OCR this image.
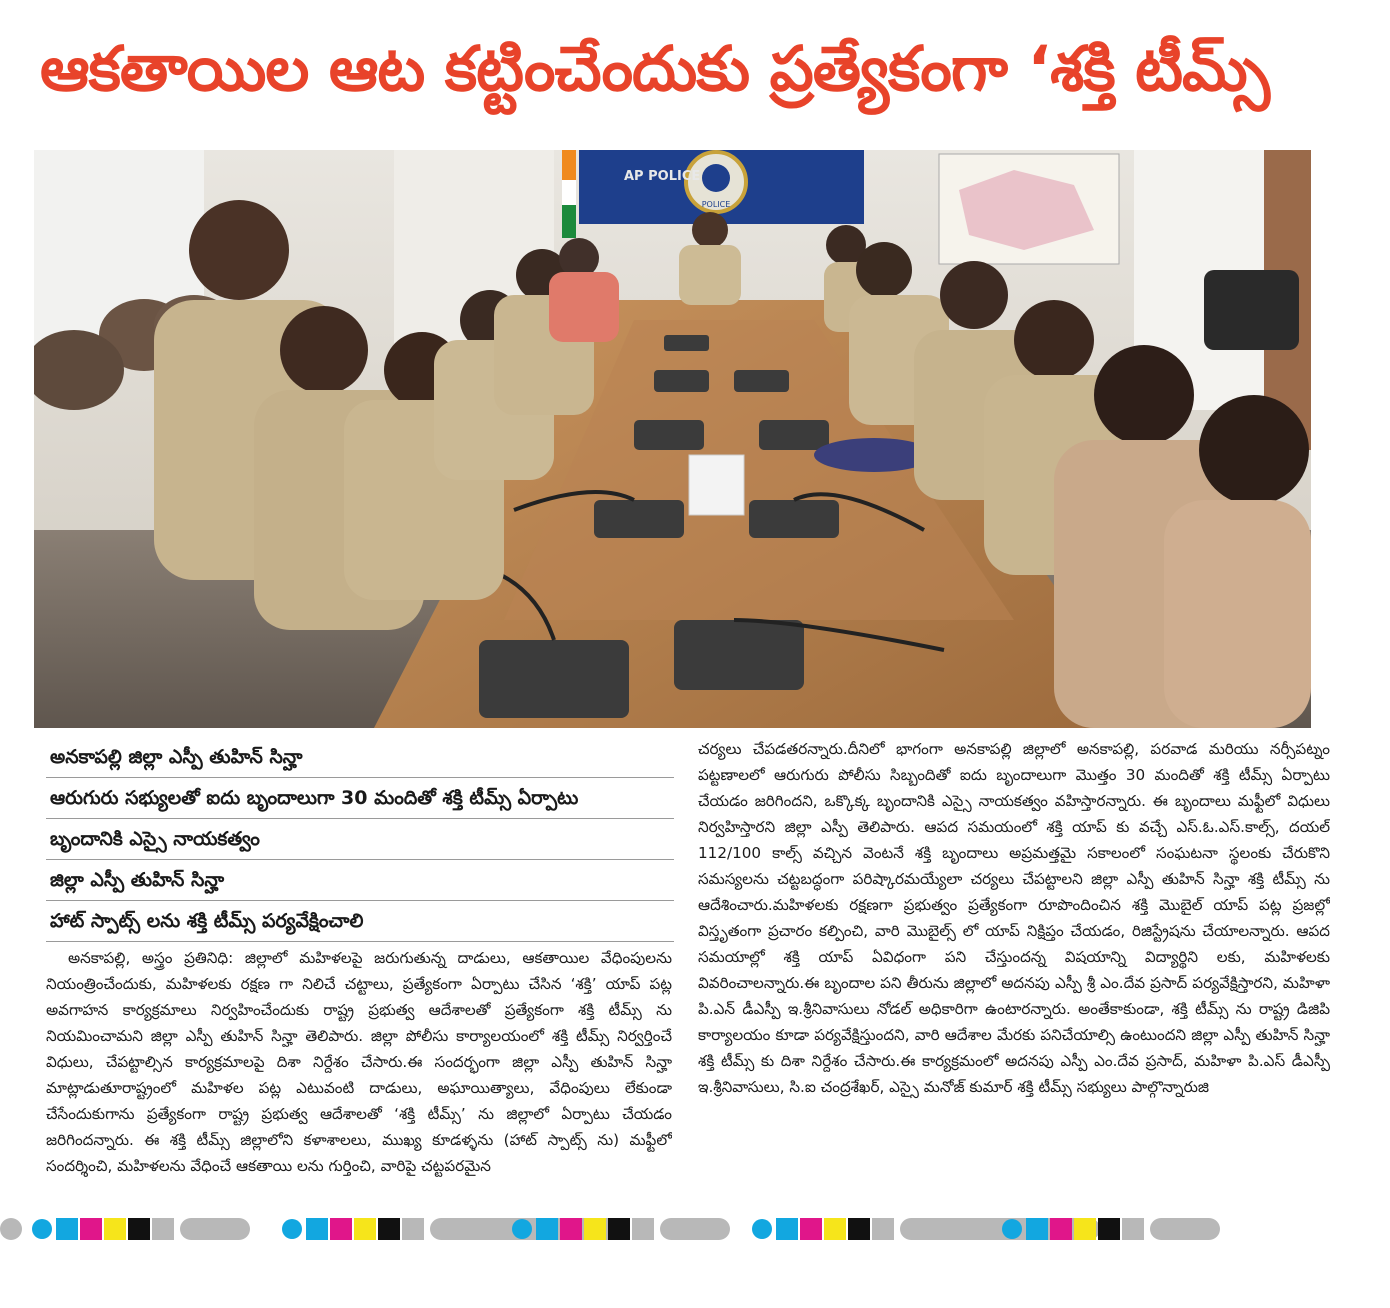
ఆకతాయిల ఆట కట్టించేందుకు ప్రత్యేకంగా ‘శక్తి టీమ్స్
POLICE
AP POLICE
అనకాపల్లి జిల్లా ఎస్పీ తుహిన్ సిన్హా
ఆరుగురు సభ్యులతో ఐదు బృందాలుగా 30 మందితో శక్తి టీమ్స్ ఏర్పాటు
బృందానికి ఎస్సై నాయకత్వం
జిల్లా ఎస్పీ తుహిన్ సిన్హా
హాట్ స్పాట్స్ లను శక్తి టీమ్స్ పర్యవేక్షించాలి
అనకాపల్లి, అస్త్రం ప్రతినిధి: జిల్లాలో మహిళలపై జరుగుతున్న దాడులు, ఆకతాయిల వేధింపులను నియంత్రించేందుకు, మహిళలకు రక్షణ గా నిలిచే చట్టాలు, ప్రత్యేకంగా ఏర్పాటు చేసిన ‘శక్తి’ యాప్ పట్ల అవగాహన కార్యక్రమాలు నిర్వహించేందుకు రాష్ట్ర ప్రభుత్వ ఆదేశాలతో ప్రత్యేకంగా శక్తి టీమ్స్ ను నియమించామని జిల్లా ఎస్పీ తుహిన్ సిన్హా తెలిపారు. జిల్లా పోలీసు కార్యాలయంలో శక్తి టీమ్స్ నిర్వర్తించే విధులు, చేపట్టాల్సిన కార్యక్రమాలపై దిశా నిర్దేశం చేసారు.ఈ సందర్భంగా జిల్లా ఎస్పీ తుహిన్ సిన్హా మాట్లాడుతూరాష్ట్రంలో మహిళల పట్ల ఎటువంటి దాడులు, అఘాయిత్యాలు, వేధింపులు లేకుండా చేసేందుకుగాను ప్రత్యేకంగా రాష్ట్ర ప్రభుత్వ ఆదేశాలతో ‘శక్తి టీమ్స్’ ను జిల్లాలో ఏర్పాటు చేయడం జరిగిందన్నారు. ఈ శక్తి టీమ్స్ జిల్లాలోని కళాశాలలు, ముఖ్య కూడళ్ళను (హాట్ స్పాట్స్ ను) మఫ్టీలో సందర్శించి, మహిళలను వేధించే ఆకతాయి లను గుర్తించి, వారిపై చట్టపరమైన
చర్యలు చేపడతరన్నారు.దీనిలో భాగంగా అనకాపల్లి జిల్లాలో అనకాపల్లి, పరవాడ మరియు నర్సీపట్నం పట్టణాలలో ఆరుగురు పోలీసు సిబ్బందితో ఐదు బృందాలుగా మొత్తం 30 మందితో శక్తి టీమ్స్ ఏర్పాటు చేయడం జరిగిందని, ఒక్కొక్క బృందానికి ఎస్సై నాయకత్వం వహిస్తారన్నారు. ఈ బృందాలు మఫ్టీలో విధులు నిర్వహిస్తారని జిల్లా ఎస్పీ తెలిపారు. ఆపద సమయంలో శక్తి యాప్ కు వచ్చే ఎస్.ఓ.ఎస్.కాల్స్, దయల్ 112/100 కాల్స్ వచ్చిన వెంటనే శక్తి బృందాలు అప్రమత్తమై సకాలంలో సంఘటనా స్థలంకు చేరుకొని సమస్యలను చట్టబద్ధంగా పరిష్కారమయ్యేలా చర్యలు చేపట్టాలని జిల్లా ఎస్పీ తుహిన్ సిన్హా శక్తి టీమ్స్ ను ఆదేశించారు.మహిళలకు రక్షణగా ప్రభుత్వం ప్రత్యేకంగా రూపొందించిన శక్తి మొబైల్ యాప్ పట్ల ప్రజల్లో విస్తృతంగా ప్రచారం కల్పించి, వారి మొబైల్స్ లో యాప్ నిక్షిప్తం చేయడం, రిజిస్ట్రేషను చేయాలన్నారు. ఆపద సమయాల్లో శక్తి యాప్ ఏవిధంగా పని చేస్తుందన్న విషయాన్ని విద్యార్థిని లకు, మహిళలకు వివరించాలన్నారు.ఈ బృందాల పని తీరును జిల్లాలో అదనపు ఎస్పీ శ్రీ ఎం.దేవ ప్రసాద్ పర్యవేక్షిస్తారని, మహిళా పి.ఎన్ డీఎస్పీ ఇ.శ్రీనివాసులు నోడల్ అధికారిగా ఉంటారన్నారు. అంతేకాకుండా, శక్తి టీమ్స్ ను రాష్ట్ర డిజిపి కార్యాలయం కూడా పర్యవేక్షిస్తుందని, వారి ఆదేశాల మేరకు పనిచేయాల్సి ఉంటుందని జిల్లా ఎస్పీ తుహిన్ సిన్హా శక్తి టీమ్స్ కు దిశా నిర్దేశం చేసారు.ఈ కార్యక్రమంలో అదనపు ఎస్పీ ఎం.దేవ ప్రసాద్, మహిళా పి.ఎస్ డీఎస్పీ ఇ.శ్రీనివాసులు, సి.ఐ చంద్రశేఖర్, ఎస్సై మనోజ్ కుమార్ శక్తి టీమ్స్ సభ్యులు పాల్గొన్నారుజి
